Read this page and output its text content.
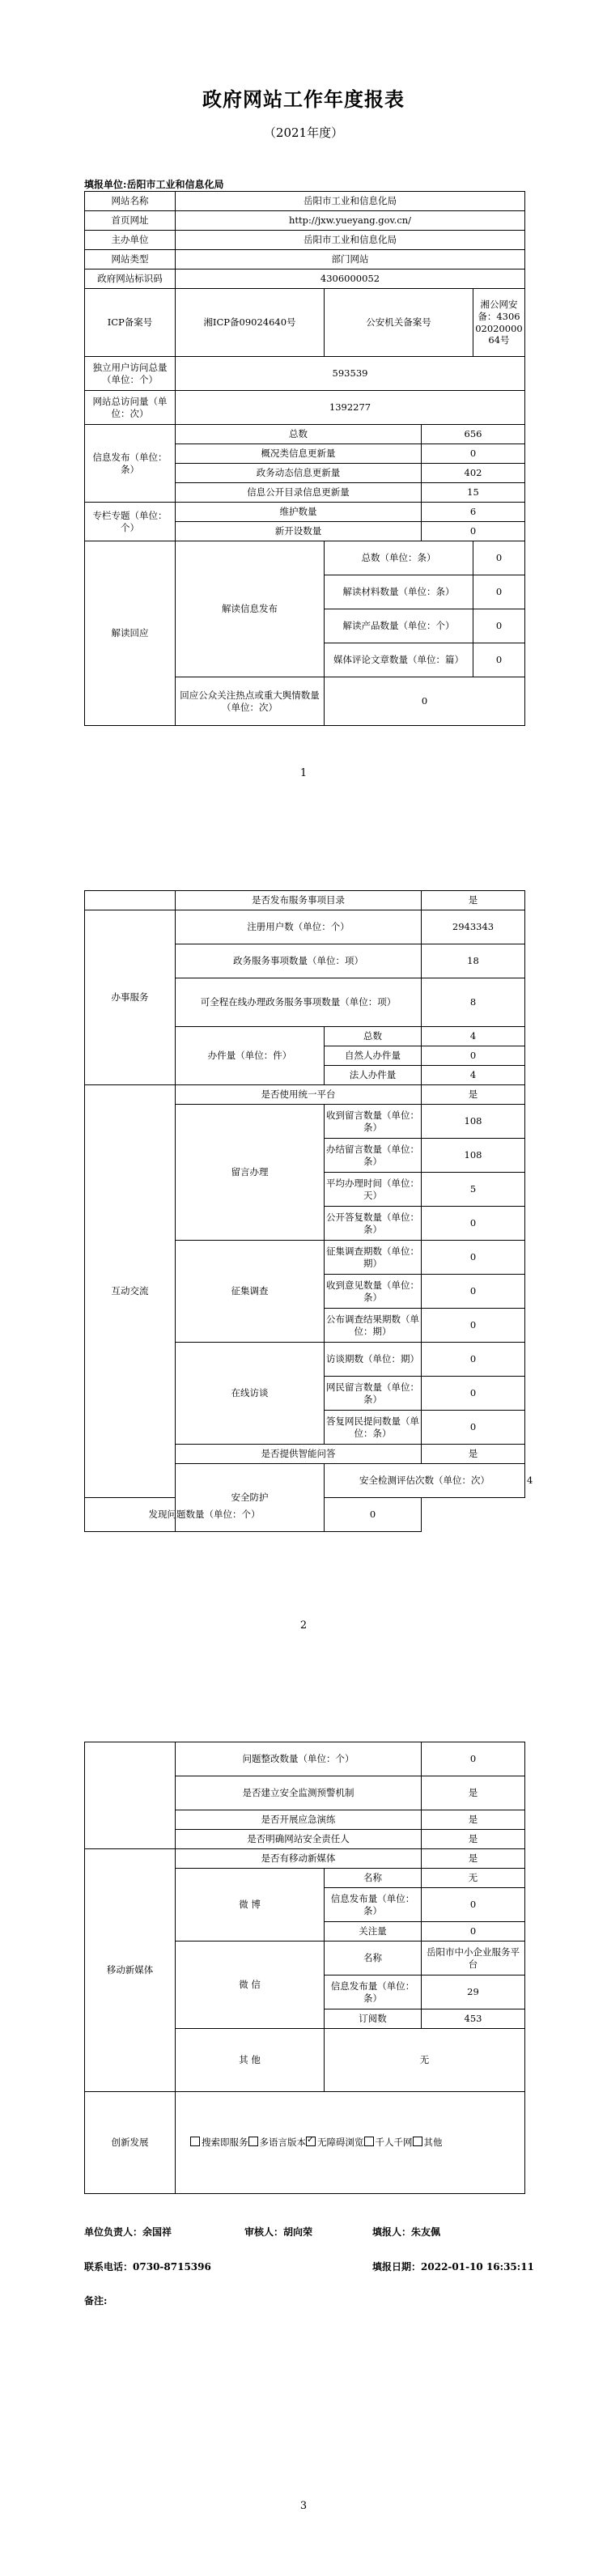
政府网站工作年度报表
（2021年度）
填报单位:岳阳市工业和信息化局
网站名称	岳阳市工业和信息化局			
首页网址	http://jxw.yueyang.gov.cn/			
主办单位	岳阳市工业和信息化局			
网站类型	部门网站			
政府网站标识码	4306000052			
ICP备案号	湘ICP备09024640号	公安机关备案号		湘公网安备：43060202000064号
独立用户访问总量（单位：个）	593539			
网站总访问量（单位：次）	1392277			
信息发布（单位：条）	总数		656	
	概况类信息更新量		0	
	政务动态信息更新量		402	
	信息公开目录信息更新量		15	
专栏专题（单位：个）	维护数量		6	
	新开设数量		0	
解读回应	解读信息发布	总数（单位：条）		0
		解读材料数量（单位：条）		0
		解读产品数量（单位：个）		0
		媒体评论文章数量（单位：篇）		0
	回应公众关注热点或重大舆情数量（单位：次）	0		
1
	是否发布服务事项目录		是	
办事服务	注册用户数（单位：个）		2943343	
	政务服务事项数量（单位：项）		18	
	可全程在线办理政务服务事项数量（单位：项）		8	
	办件量（单位：件）	总数	4	
		自然人办件量	0	
		法人办件量	4	
互动交流	是否使用统一平台		是	
	留言办理	收到留言数量（单位：条）	108	
		办结留言数量（单位：条）	108	
		平均办理时间（单位：天）	5	
		公开答复数量（单位：条）	0	
	征集调查	征集调查期数（单位：期）	0	
		收到意见数量（单位：条）	0	
		公布调查结果期数（单位：期）	0	
	在线访谈	访谈期数（单位：期）	0	
		网民留言数量（单位：条）	0	
		答复网民提问数量（单位：条）	0	
	是否提供智能问答		是	
	安全防护	安全检测评估次数（单位：次）		4
发现问题数量（单位：个）		0		
2
	问题整改数量（单位：个）		0
	是否建立安全监测预警机制		是
	是否开展应急演练		是
	是否明确网站安全责任人		是
移动新媒体	是否有移动新媒体		是
	微 博	名称	无
		信息发布量（单位：条）	0
		关注量	0
	微 信	名称	岳阳市中小企业服务平台
		信息发布量（单位：条）	29
		订阅数	453
	其 他	无	
创新发展	搜索即服务 多语言版本 ✓ 无障碍浏览 千人千网 其他
单位负责人：余国祥	审核人：胡向荣	填报人：朱友佩
联系电话：0730-8715396	填报日期：2022-01-10 16:35:11
备注:
3
